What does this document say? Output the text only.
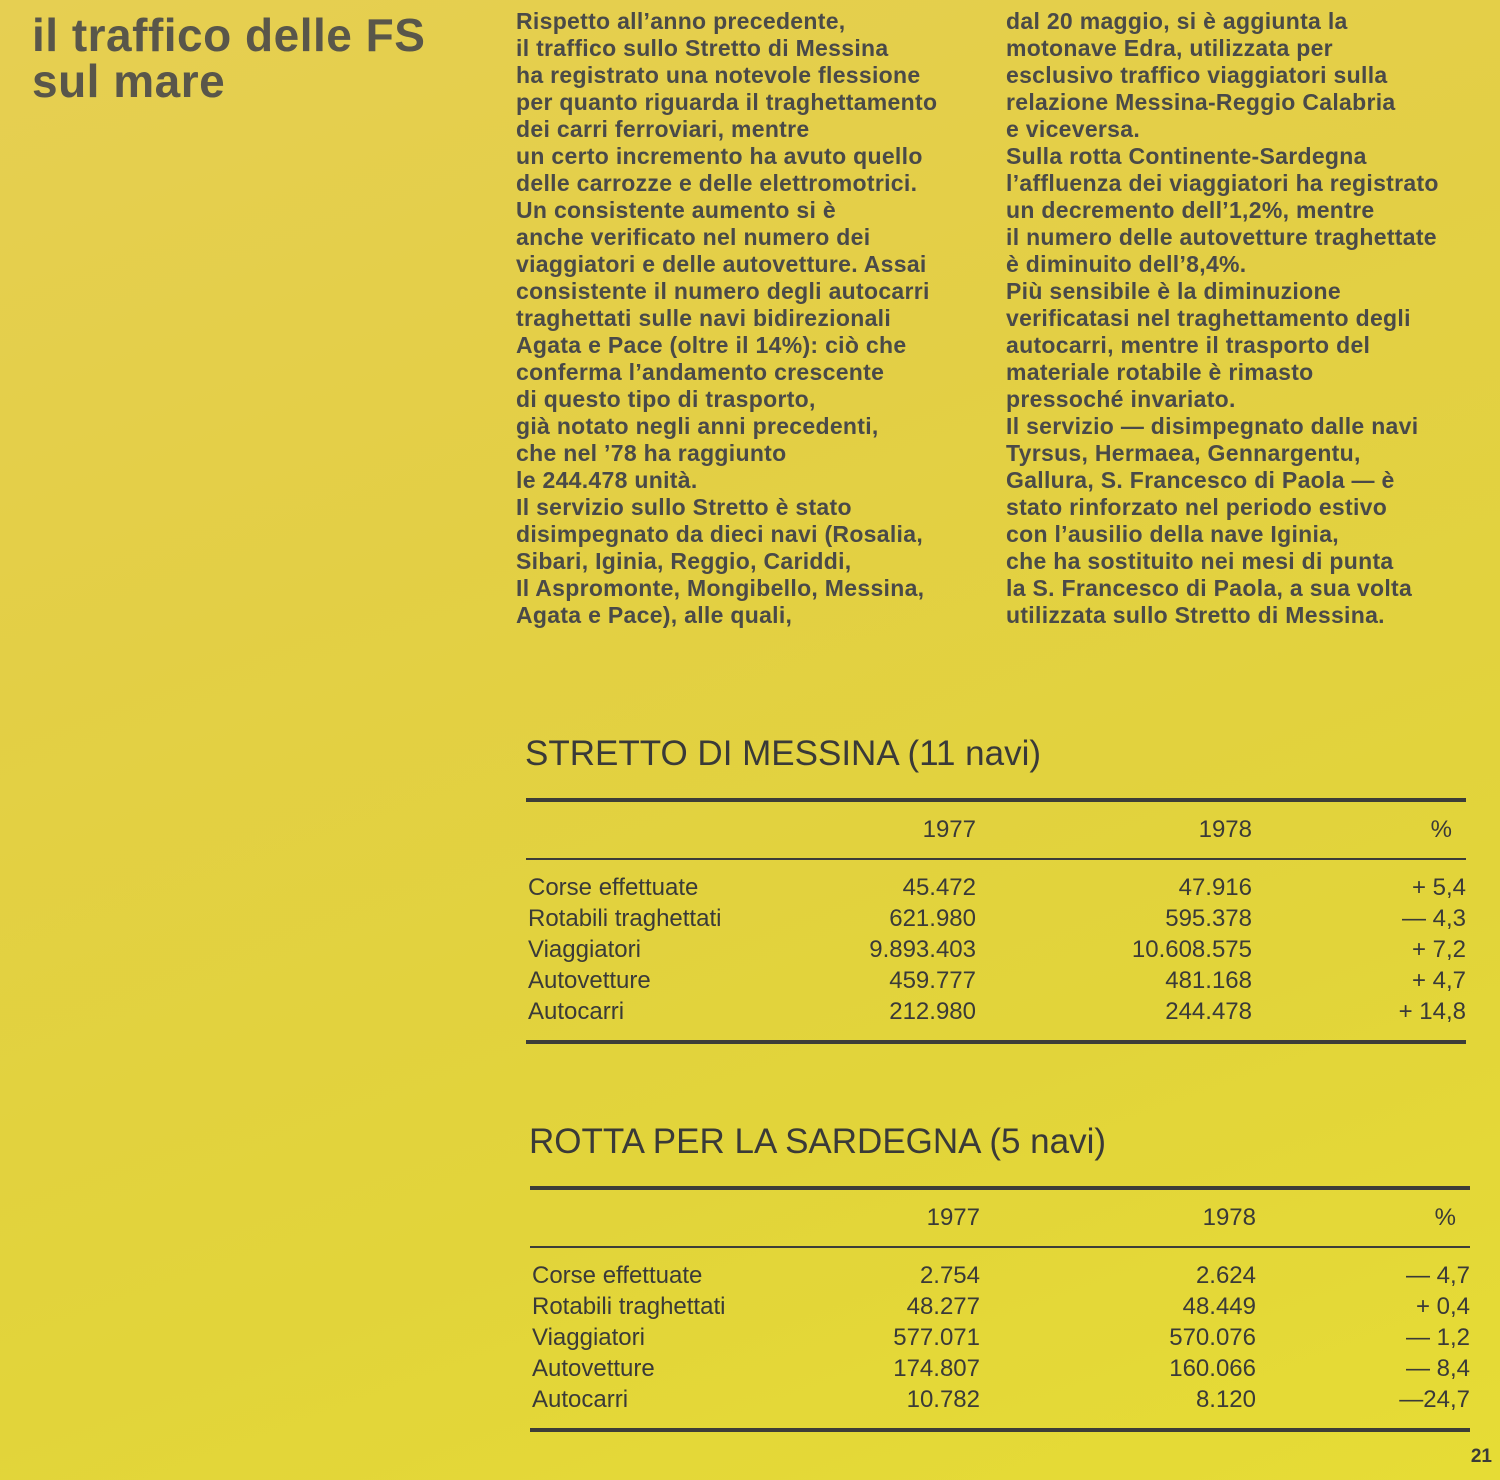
il traffico delle FS
sul mare
Rispetto all’anno precedente,
il traffico sullo Stretto di Messina
ha registrato una notevole flessione
per quanto riguarda il traghettamento
dei carri ferroviari, mentre
un certo incremento ha avuto quello
delle carrozze e delle elettromotrici.
Un consistente aumento si è
anche verificato nel numero dei
viaggiatori e delle autovetture. Assai
consistente il numero degli autocarri
traghettati sulle navi bidirezionali
Agata e Pace (oltre il 14%): ciò che
conferma l’andamento crescente
di questo tipo di trasporto,
già notato negli anni precedenti,
che nel ’78 ha raggiunto
le 244.478 unità.
Il servizio sullo Stretto è stato
disimpegnato da dieci navi (Rosalia,
Sibari, Iginia, Reggio, Cariddi,
Il Aspromonte, Mongibello, Messina,
Agata e Pace), alle quali,
dal 20 maggio, si è aggiunta la
motonave Edra, utilizzata per
esclusivo traffico viaggiatori sulla
relazione Messina-Reggio Calabria
e viceversa.
Sulla rotta Continente-Sardegna
l’affluenza dei viaggiatori ha registrato
un decremento dell’1,2%, mentre
il numero delle autovetture traghettate
è diminuito dell’8,4%.
Più sensibile è la diminuzione
verificatasi nel traghettamento degli
autocarri, mentre il trasporto del
materiale rotabile è rimasto
pressoché invariato.
Il servizio — disimpegnato dalle navi
Tyrsus, Hermaea, Gennargentu,
Gallura, S. Francesco di Paola — è
stato rinforzato nel periodo estivo
con l’ausilio della nave Iginia,
che ha sostituito nei mesi di punta
la S. Francesco di Paola, a sua volta
utilizzata sullo Stretto di Messina.
STRETTO DI MESSINA (11 navi)
1977	1978	%
Corse effettuate	45.472	47.916	+ 5,4
Rotabili traghettati	621.980	595.378	— 4,3
Viaggiatori	9.893.403	10.608.575	+ 7,2
Autovetture	459.777	481.168	+ 4,7
Autocarri	212.980	244.478	+ 14,8
ROTTA PER LA SARDEGNA (5 navi)
1977	1978	%
Corse effettuate	2.754	2.624	— 4,7
Rotabili traghettati	48.277	48.449	+ 0,4
Viaggiatori	577.071	570.076	— 1,2
Autovetture	174.807	160.066	— 8,4
Autocarri	10.782	8.120	—24,7
21
